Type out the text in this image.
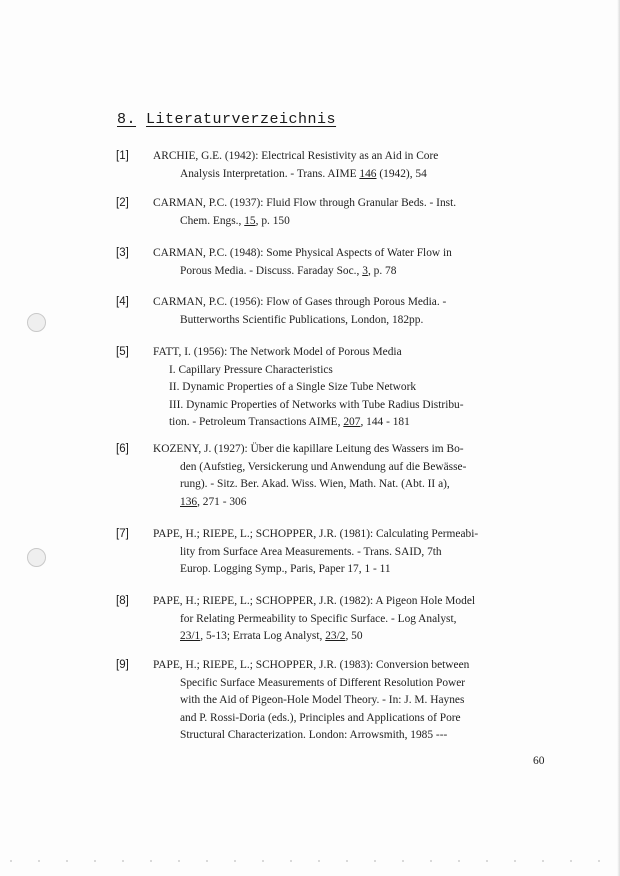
8. Literaturverzeichnis
[1] ARCHIE, G.E. (1942): Electrical Resistivity as an Aid in Core
Analysis Interpretation. - Trans. AIME 146 (1942), 54
[2] CARMAN, P.C. (1937): Fluid Flow through Granular Beds. - Inst.
Chem. Engs., 15, p. 150
[3] CARMAN, P.C. (1948): Some Physical Aspects of Water Flow in
Porous Media. - Discuss. Faraday Soc., 3, p. 78
[4] CARMAN, P.C. (1956): Flow of Gases through Porous Media. -
Butterworths Scientific Publications, London, 182pp.
[5] FATT, I. (1956): The Network Model of Porous Media
I. Capillary Pressure Characteristics
II. Dynamic Properties of a Single Size Tube Network
III. Dynamic Properties of Networks with Tube Radius Distribu-
tion. - Petroleum Transactions AIME, 207, 144 - 181
[6] KOZENY, J. (1927): Über die kapillare Leitung des Wassers im Bo-
den (Aufstieg, Versickerung und Anwendung auf die Bewässe-
rung). - Sitz. Ber. Akad. Wiss. Wien, Math. Nat. (Abt. II a),
136, 271 - 306
[7] PAPE, H.; RIEPE, L.; SCHOPPER, J.R. (1981): Calculating Permeabi-
lity from Surface Area Measurements. - Trans. SAID, 7th
Europ. Logging Symp., Paris, Paper 17, 1 - 11
[8] PAPE, H.; RIEPE, L.; SCHOPPER, J.R. (1982): A Pigeon Hole Model
for Relating Permeability to Specific Surface. - Log Analyst,
23/1, 5-13; Errata Log Analyst, 23/2, 50
[9] PAPE, H.; RIEPE, L.; SCHOPPER, J.R. (1983): Conversion between
Specific Surface Measurements of Different Resolution Power
with the Aid of Pigeon-Hole Model Theory. - In: J. M. Haynes
and P. Rossi-Doria (eds.), Principles and Applications of Pore
Structural Characterization. London: Arrowsmith, 1985 ---
60
